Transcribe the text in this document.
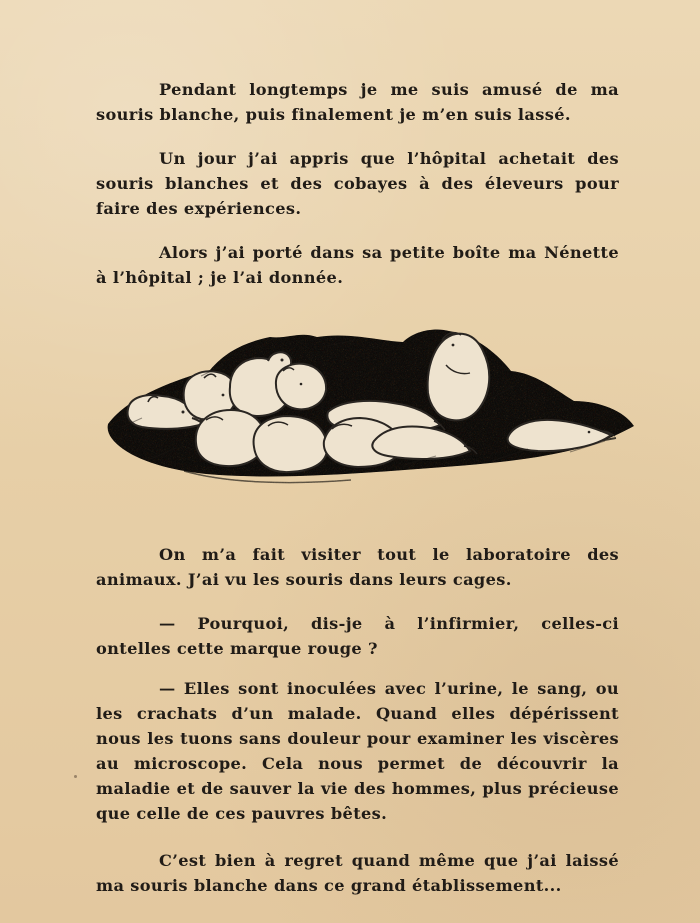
Pendant longtemps je me suis amusé de ma souris blanche, puis finalement je m’en suis lassé.

Un jour j’ai appris que l’hôpital achetait des souris blanches et des cobayes à des éleveurs pour faire des expériences.

Alors j’ai porté dans sa petite boîte ma Nénette à l’hôpital ; je l’ai donnée.

On m’a fait visiter tout le laboratoire des animaux. J’ai vu les souris dans leurs cages.

— Pourquoi, dis-je à l’infirmier, celles-ci ontelles cette marque rouge ?

— Elles sont inoculées avec l’urine, le sang, ou les crachats d’un malade. Quand elles dépérissent nous les tuons sans douleur pour examiner les viscères au microscope. Cela nous permet de découvrir la maladie et de sauver la vie des hommes, plus précieuse que celle de ces pauvres bêtes.

C’est bien à regret quand même que j’ai laissé ma souris blanche dans ce grand établissement...
